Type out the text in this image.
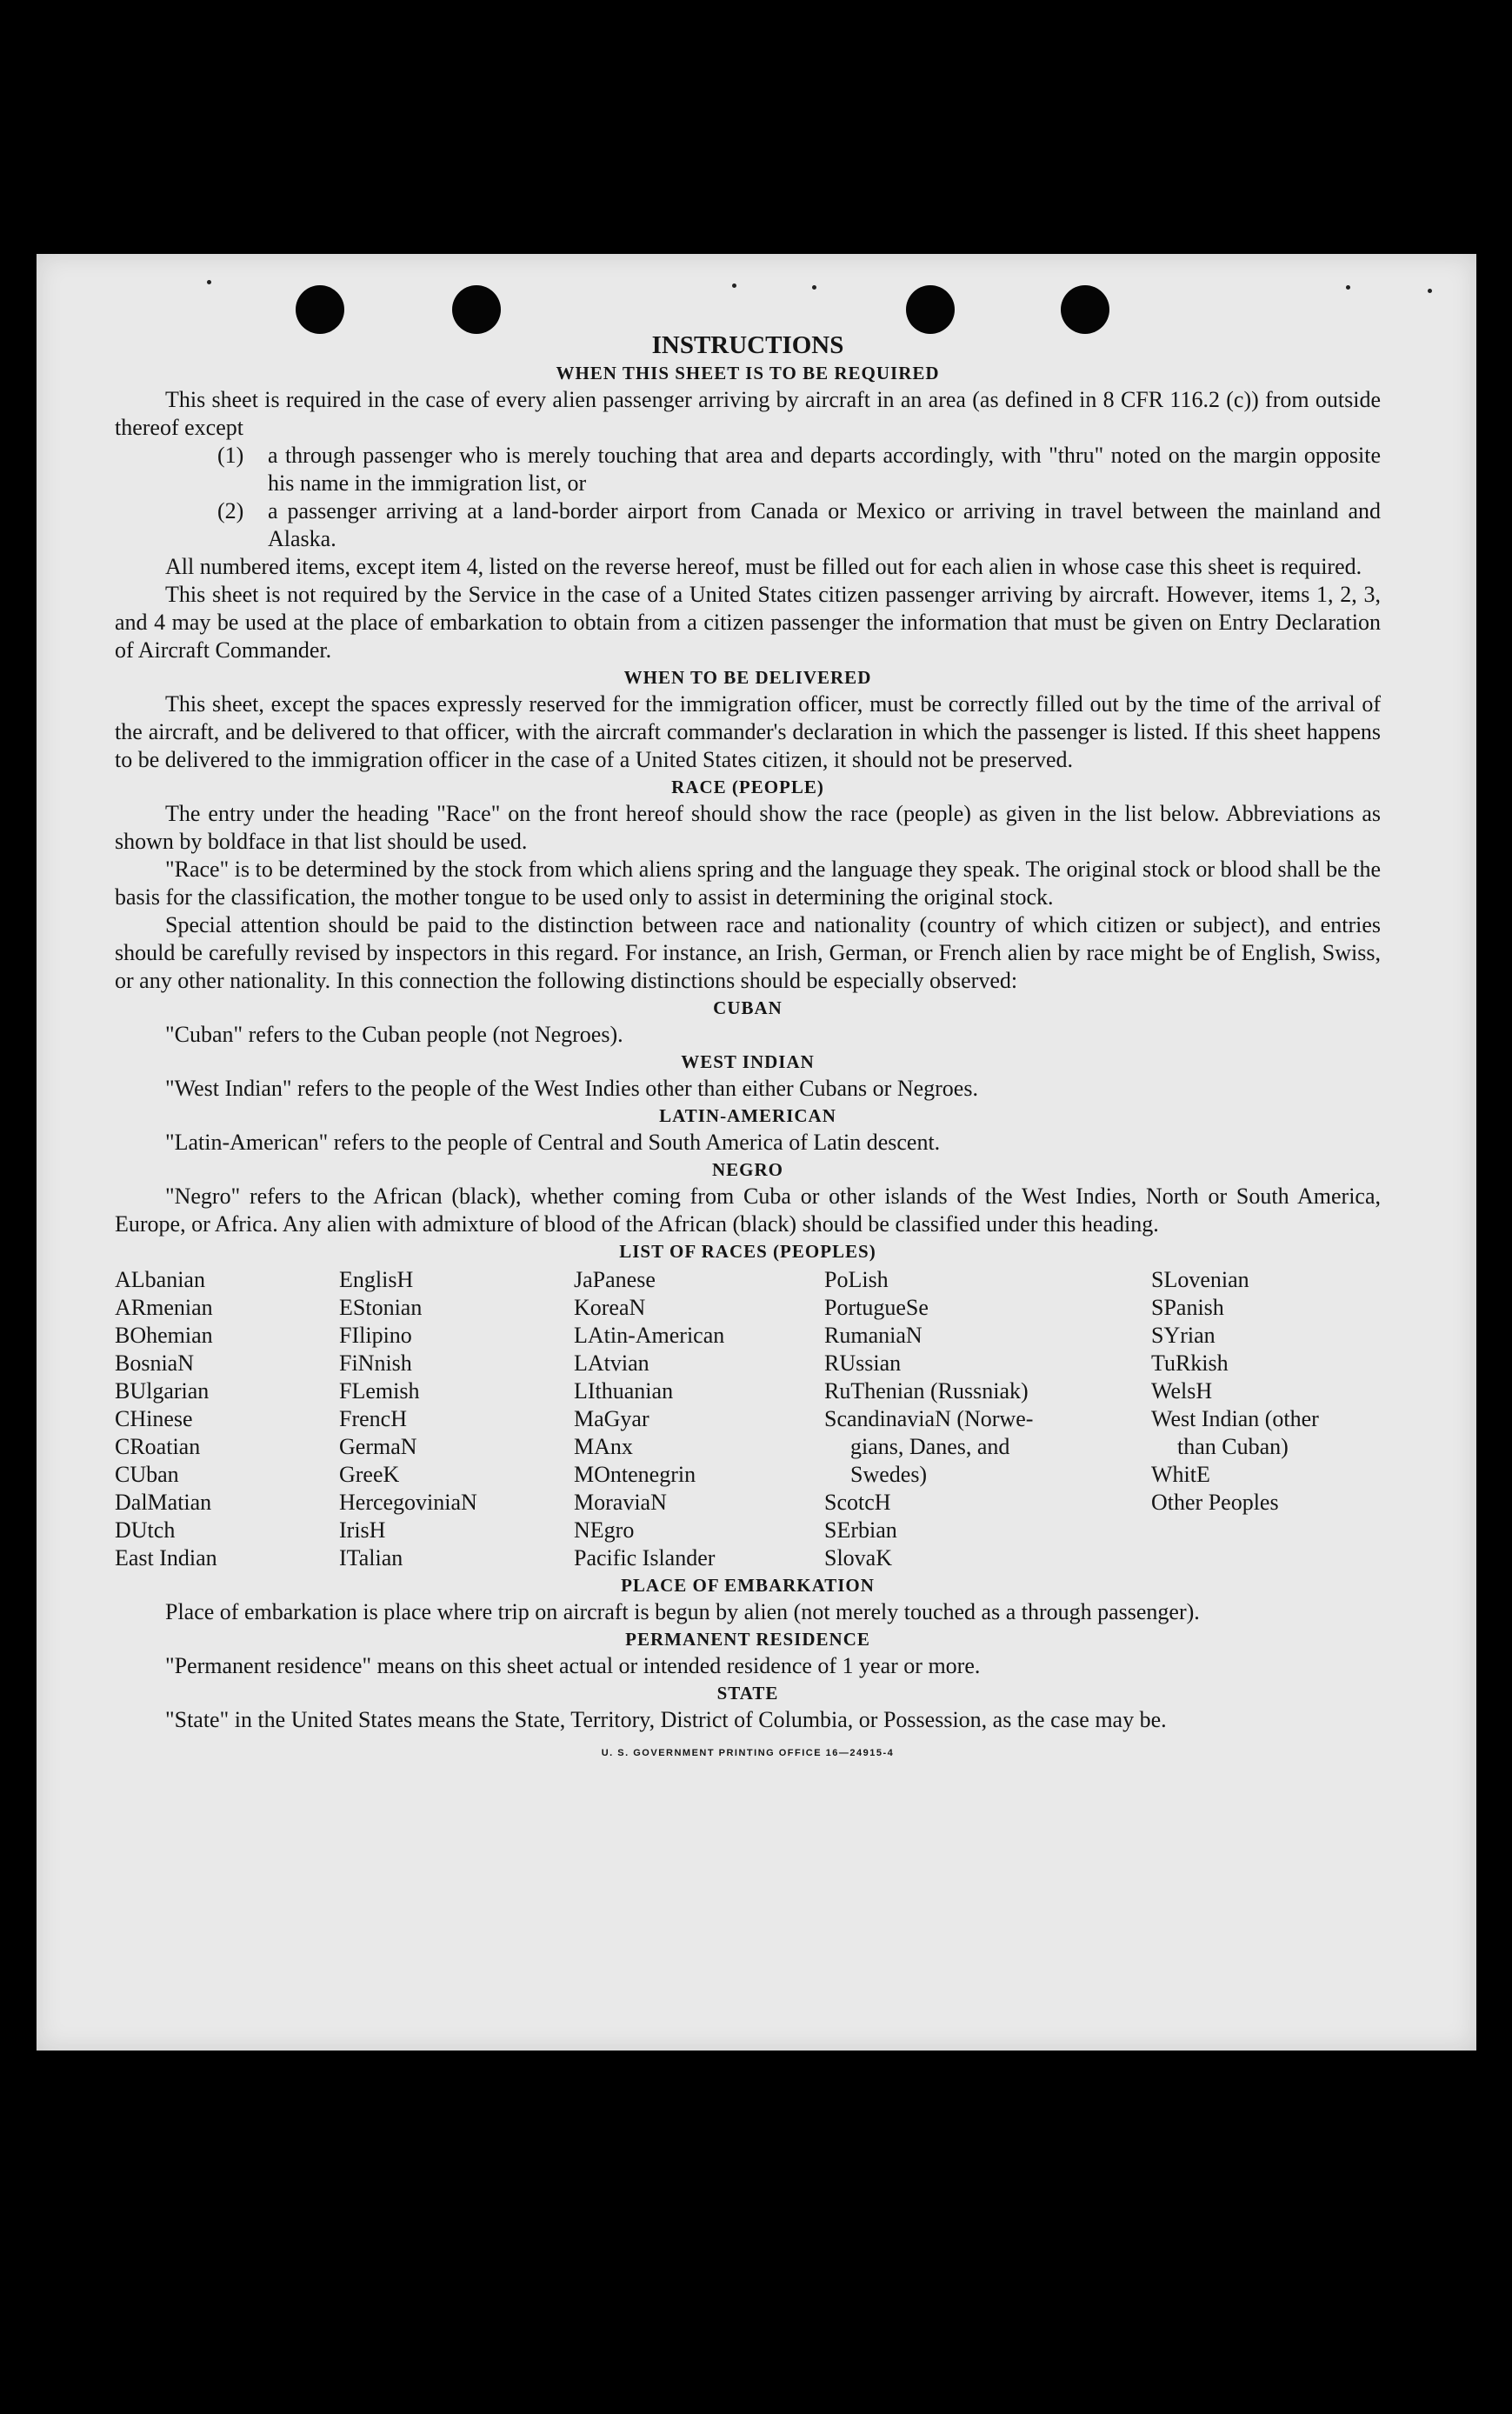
INSTRUCTIONS
WHEN THIS SHEET IS TO BE REQUIRED

This sheet is required in the case of every alien passenger arriving by aircraft in an area (as defined in 8 CFR 116.2 (c)) from outside thereof except

(1) a through passenger who is merely touching that area and departs accordingly, with "thru" noted on the margin opposite his name in the immigration list, or

(2) a passenger arriving at a land-border airport from Canada or Mexico or arriving in travel between the mainland and Alaska.

All numbered items, except item 4, listed on the reverse hereof, must be filled out for each alien in whose case this sheet is required.

This sheet is not required by the Service in the case of a United States citizen passenger arriving by aircraft. However, items 1, 2, 3, and 4 may be used at the place of embarkation to obtain from a citizen passenger the information that must be given on Entry Declaration of Aircraft Commander.

WHEN TO BE DELIVERED

This sheet, except the spaces expressly reserved for the immigration officer, must be correctly filled out by the time of the arrival of the aircraft, and be delivered to that officer, with the aircraft commander's declaration in which the passenger is listed. If this sheet happens to be delivered to the immigration officer in the case of a United States citizen, it should not be preserved.

RACE (PEOPLE)

The entry under the heading "Race" on the front hereof should show the race (people) as given in the list below. Abbreviations as shown by boldface in that list should be used.

"Race" is to be determined by the stock from which aliens spring and the language they speak. The original stock or blood shall be the basis for the classification, the mother tongue to be used only to assist in determining the original stock.

Special attention should be paid to the distinction between race and nationality (country of which citizen or subject), and entries should be carefully revised by inspectors in this regard. For instance, an Irish, German, or French alien by race might be of English, Swiss, or any other nationality. In this connection the following distinctions should be especially observed:

CUBAN

"Cuban" refers to the Cuban people (not Negroes).

WEST INDIAN

"West Indian" refers to the people of the West Indies other than either Cubans or Negroes.

LATIN-AMERICAN

"Latin-American" refers to the people of Central and South America of Latin descent.

NEGRO

"Negro" refers to the African (black), whether coming from Cuba or other islands of the West Indies, North or South America, Europe, or Africa. Any alien with admixture of blood of the African (black) should be classified under this heading.

LIST OF RACES (PEOPLES)
ALbanian
ARmenian
BOhemian
BosniaN
BUlgarian
CHinese
CRoatian
CUban
DalMatian
DUtch
East Indian
EnglisH
EStonian
FIlipino
FiNnish
FLemish
FrencH
GermaN
GreeK
HercegoviniaN
IrisH
ITalian
JaPanese
KoreaN
LAtin-American
LAtvian
LIthuanian
MaGyar
MAnx
MOntenegrin
MoraviaN
NEgro
Pacific Islander
PoLish
PortugueSe
RumaniaN
RUssian
RuThenian (Russniak)
ScandinaviaN (Norwe-
gians, Danes, and
Swedes)
ScotcH
SErbian
SlovaK
SLovenian
SPanish
SYrian
TuRkish
WelsH
West Indian (other
than Cuban)
WhitE
Other Peoples
PLACE OF EMBARKATION

Place of embarkation is place where trip on aircraft is begun by alien (not merely touched as a through passenger).

PERMANENT RESIDENCE

"Permanent residence" means on this sheet actual or intended residence of 1 year or more.

STATE

"State" in the United States means the State, Territory, District of Columbia, or Possession, as the case may be.

U. S. GOVERNMENT PRINTING OFFICE 16—24915-4
